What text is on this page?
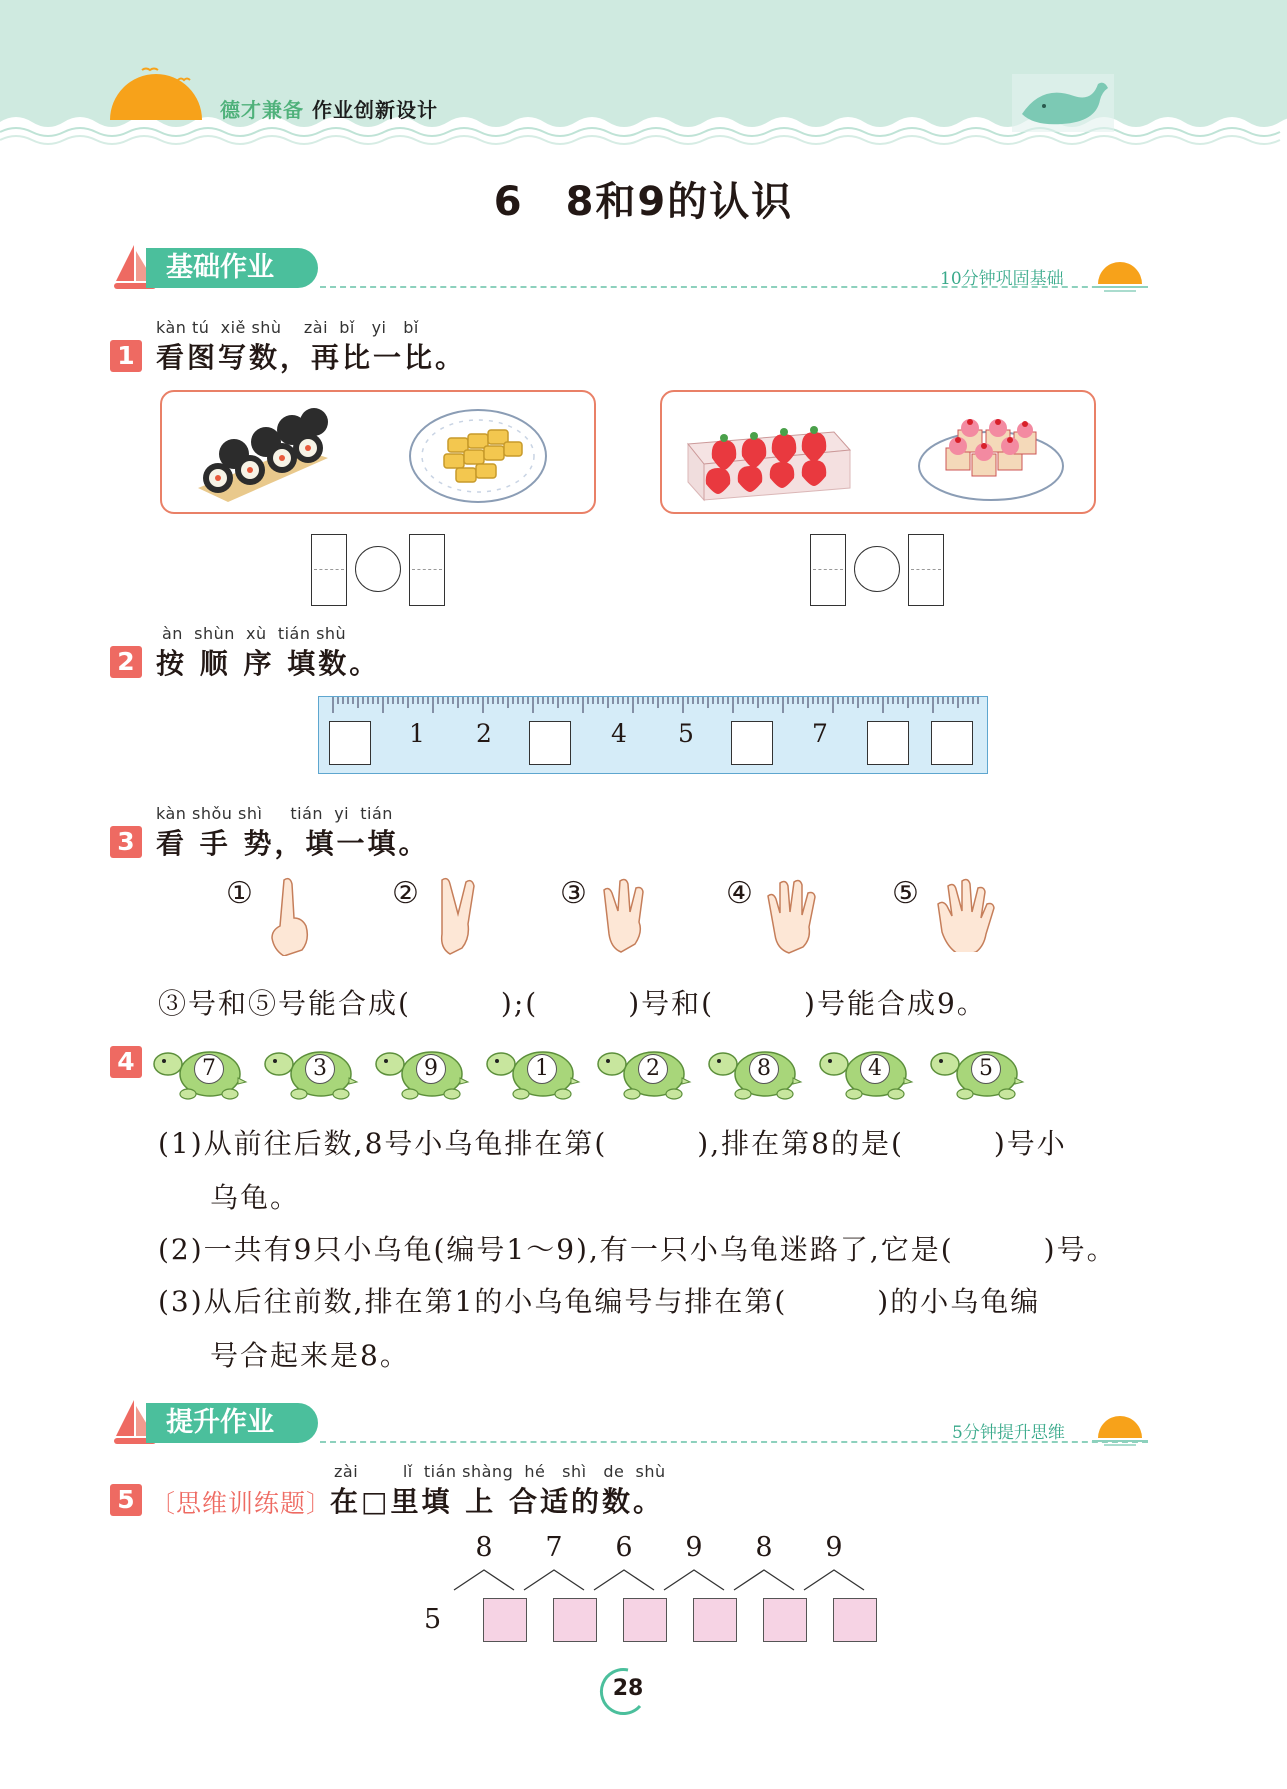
德才兼备 作业创新设计
6　8和9的认识
基础作业	10分钟巩固基础
kàn tú  xiě shù    zài  bǐ   yi   bǐ
1 看图写数，再比一比。
àn  shùn  xù  tián shù
2 按 顺 序 填数。
1 2	4 5	7
kàn shǒu shì     tián  yi  tián
3 看 手 势，填一填。
①	②	③	④	⑤
③号和⑤号能合成(　　　);(　　　)号和(　　　)号能合成9。
4	7	3	9	1	2	8	4	5
(1)从前往后数,8号小乌龟排在第(　　　),排在第8的是(　　　)号小
乌龟。
(2)一共有9只小乌龟(编号1～9),有一只小乌龟迷路了,它是(　　　)号。
(3)从后往前数,排在第1的小乌龟编号与排在第(　　　)的小乌龟编
号合起来是8。
提升作业	5分钟提升思维
zài        lǐ  tián shàng  hé   shì   de  shù
5 〔思维训练题〕
在□里填 上 合适的数。
5
8 7 6 9 8 9
28
